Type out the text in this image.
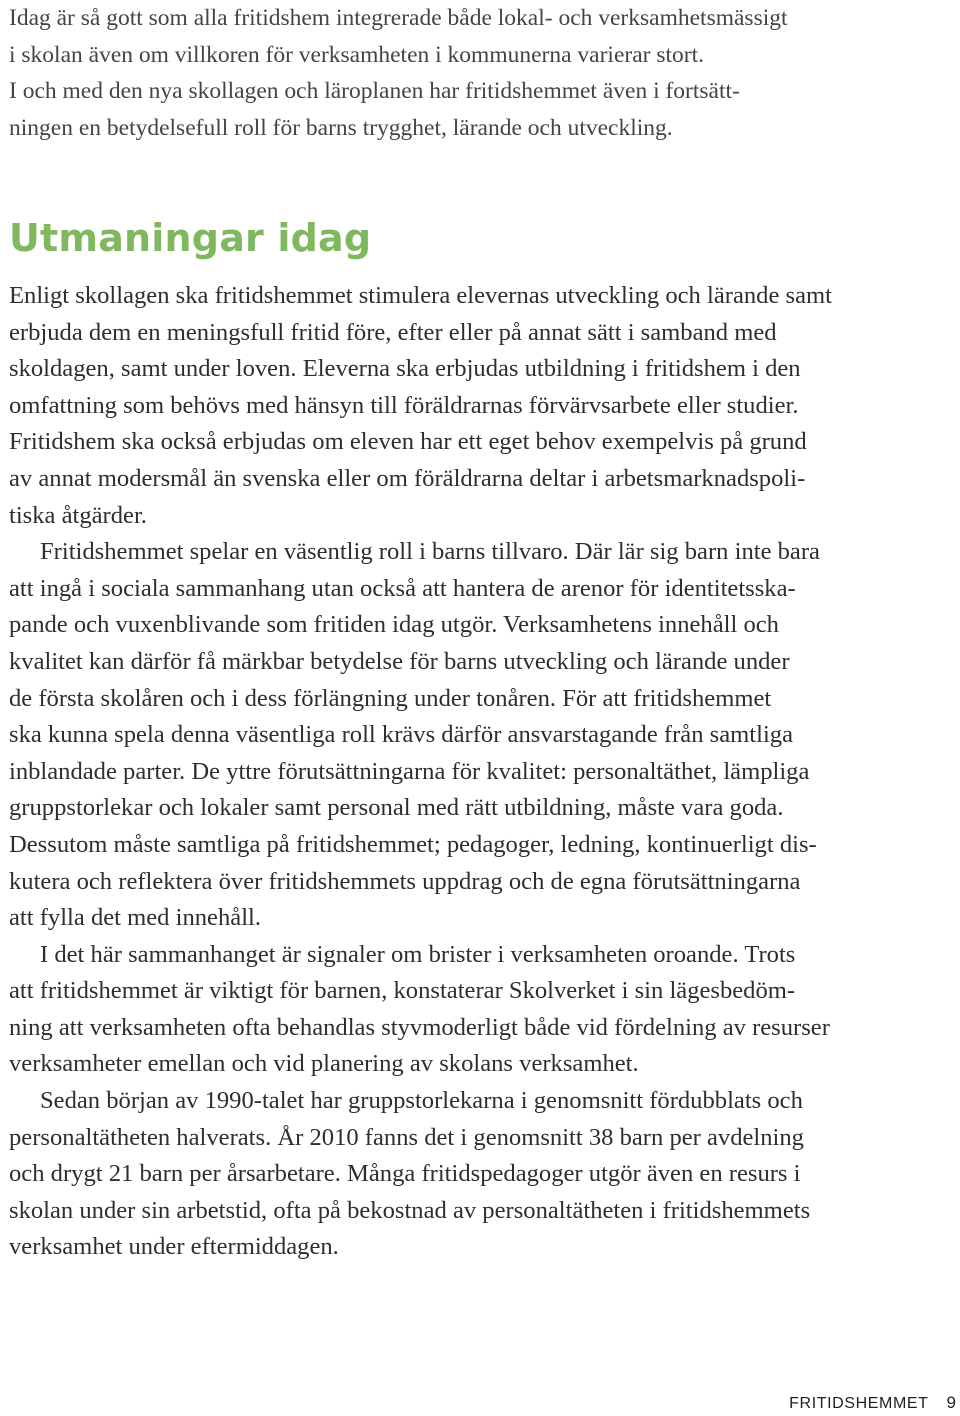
Idag är så gott som alla fritidshem integrerade både lokal- och verksamhetsmässigt
i skolan även om villkoren för verksamheten i kommunerna varierar stort.
I och med den nya skollagen och läroplanen har fritidshemmet även i fortsätt-
ningen en betydelsefull roll för barns trygghet, lärande och utveckling.
Utmaningar idag
Enligt skollagen ska fritidshemmet stimulera elevernas utveckling och lärande samt
erbjuda dem en meningsfull fritid före, efter eller på annat sätt i samband med
skoldagen, samt under loven. Eleverna ska erbjudas utbildning i fritidshem i den
omfattning som behövs med hänsyn till föräldrarnas förvärvsarbete eller studier.
Fritidshem ska också erbjudas om eleven har ett eget behov exempelvis på grund
av annat modersmål än svenska eller om föräldrarna deltar i arbetsmarknadspoli-
tiska åtgärder.
Fritidshemmet spelar en väsentlig roll i barns tillvaro. Där lär sig barn inte bara
att ingå i sociala sammanhang utan också att hantera de arenor för identitetsska-
pande och vuxenblivande som fritiden idag utgör. Verksamhetens innehåll och
kvalitet kan därför få märkbar betydelse för barns utveckling och lärande under
de första skolåren och i dess förlängning under tonåren. För att fritidshemmet
ska kunna spela denna väsentliga roll krävs därför ansvarstagande från samtliga
inblandade parter. De yttre förutsättningarna för kvalitet: personaltäthet, lämpliga
gruppstorlekar och lokaler samt personal med rätt utbildning, måste vara goda.
Dessutom måste samtliga på fritidshemmet; pedagoger, ledning, kontinuerligt dis-
kutera och reflektera över fritidshemmets uppdrag och de egna förutsättningarna
att fylla det med innehåll.
I det här sammanhanget är signaler om brister i verksamheten oroande. Trots
att fritidshemmet är viktigt för barnen, konstaterar Skolverket i sin lägesbedöm-
ning att verksamheten ofta behandlas styvmoderligt både vid fördelning av resurser
verksamheter emellan och vid planering av skolans verksamhet.
Sedan början av 1990-talet har gruppstorlekarna i genomsnitt fördubblats och
personaltätheten halverats. År 2010 fanns det i genomsnitt 38 barn per avdelning
och drygt 21 barn per årsarbetare. Många fritidspedagoger utgör även en resurs i
skolan under sin arbetstid, ofta på bekostnad av personaltätheten i fritidshemmets
verksamhet under eftermiddagen.
FRITIDSHEMMET 9
